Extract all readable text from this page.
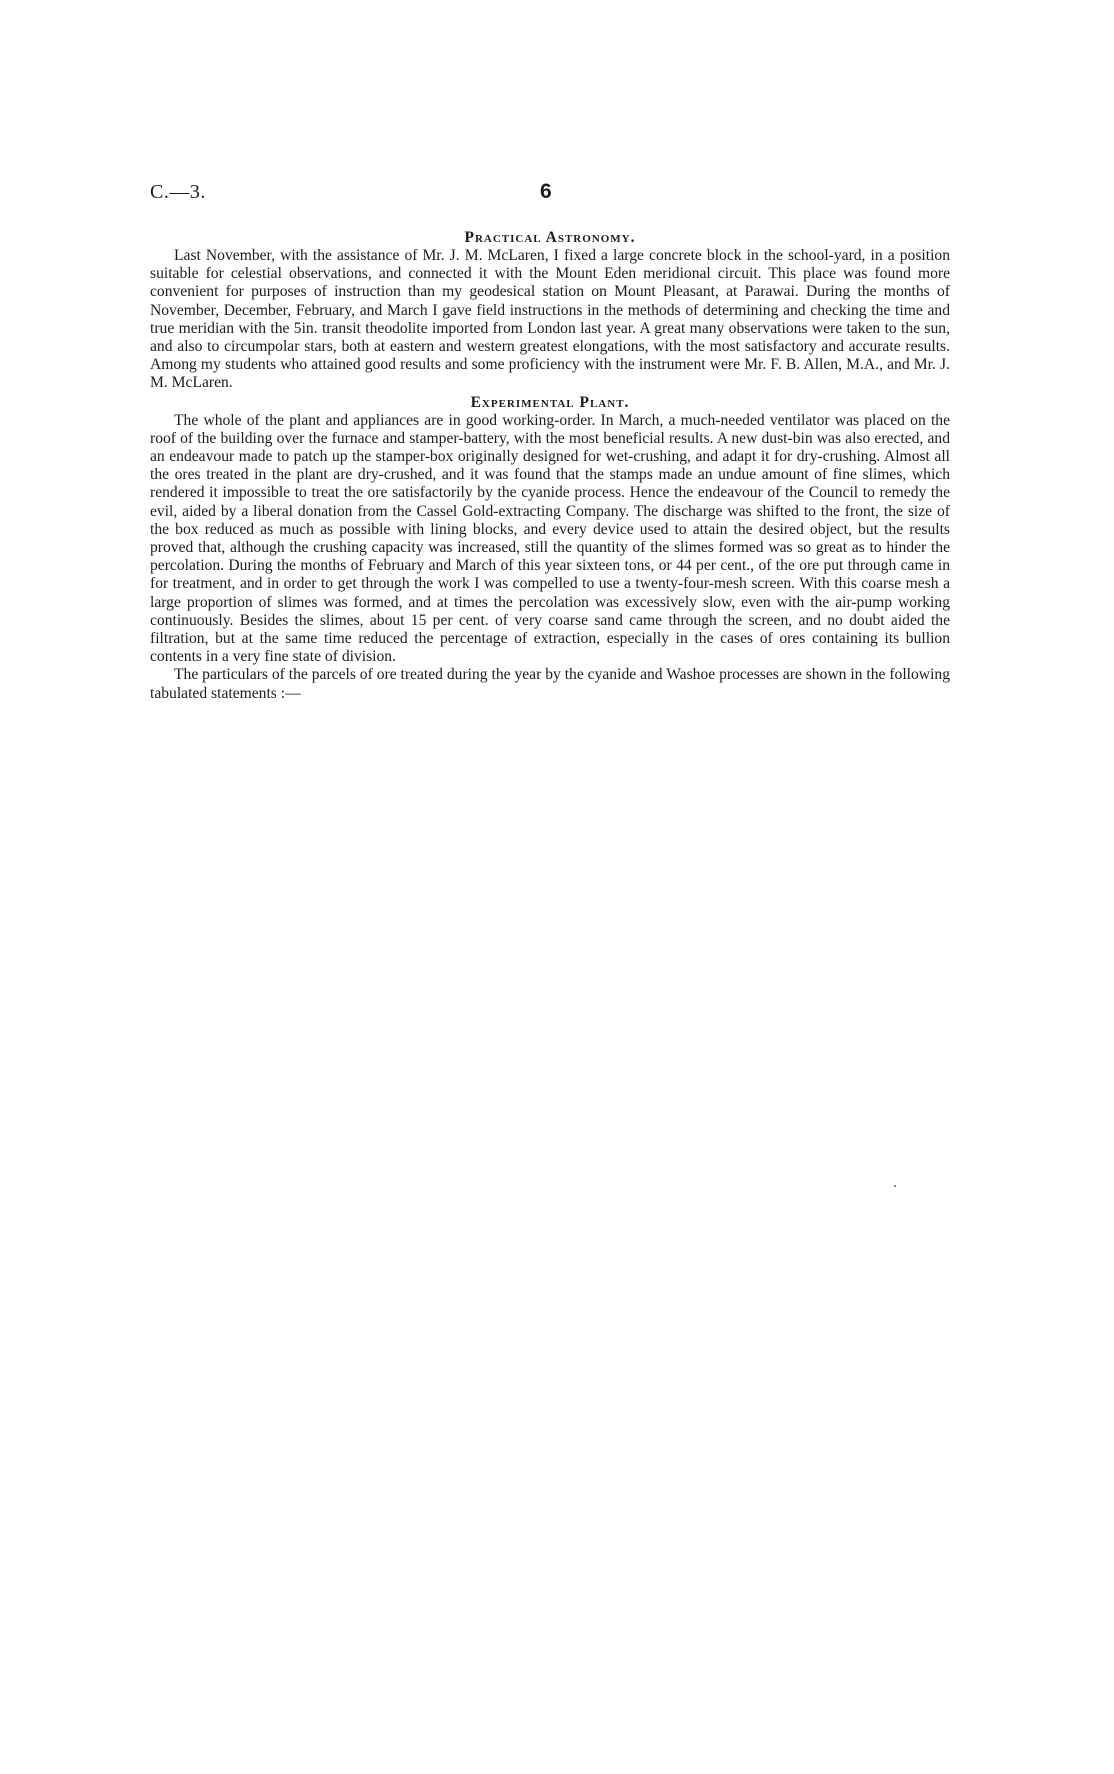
C.—3.	6
Practical Astronomy.

Last November, with the assistance of Mr. J. M. McLaren, I fixed a large concrete block in the school-yard, in a position suitable for celestial observations, and connected it with the Mount Eden meridional circuit. This place was found more convenient for purposes of instruction than my geodesical station on Mount Pleasant, at Parawai. During the months of November, December, February, and March I gave field instructions in the methods of determining and checking the time and true meridian with the 5in. transit theodolite imported from London last year. A great many observations were taken to the sun, and also to circumpolar stars, both at eastern and western greatest elongations, with the most satisfactory and accurate results. Among my students who attained good results and some proficiency with the instrument were Mr. F. B. Allen, M.A., and Mr. J. M. McLaren.

Experimental Plant.

The whole of the plant and appliances are in good working-order. In March, a much-needed ventilator was placed on the roof of the building over the furnace and stamper-battery, with the most beneficial results. A new dust-bin was also erected, and an endeavour made to patch up the stamper-box originally designed for wet-crushing, and adapt it for dry-crushing. Almost all the ores treated in the plant are dry-crushed, and it was found that the stamps made an undue amount of fine slimes, which rendered it impossible to treat the ore satisfactorily by the cyanide process. Hence the endeavour of the Council to remedy the evil, aided by a liberal donation from the Cassel Gold-extracting Company. The discharge was shifted to the front, the size of the box reduced as much as possible with lining blocks, and every device used to attain the desired object, but the results proved that, although the crushing capacity was increased, still the quantity of the slimes formed was so great as to hinder the percolation. During the months of February and March of this year sixteen tons, or 44 per cent., of the ore put through came in for treatment, and in order to get through the work I was compelled to use a twenty-four-mesh screen. With this coarse mesh a large proportion of slimes was formed, and at times the percolation was excessively slow, even with the air-pump working continuously. Besides the slimes, about 15 per cent. of very coarse sand came through the screen, and no doubt aided the filtration, but at the same time reduced the percentage of extraction, especially in the cases of ores containing its bullion contents in a very fine state of division.

The particulars of the parcels of ore treated during the year by the cyanide and Washoe processes are shown in the following tabulated statements :—
